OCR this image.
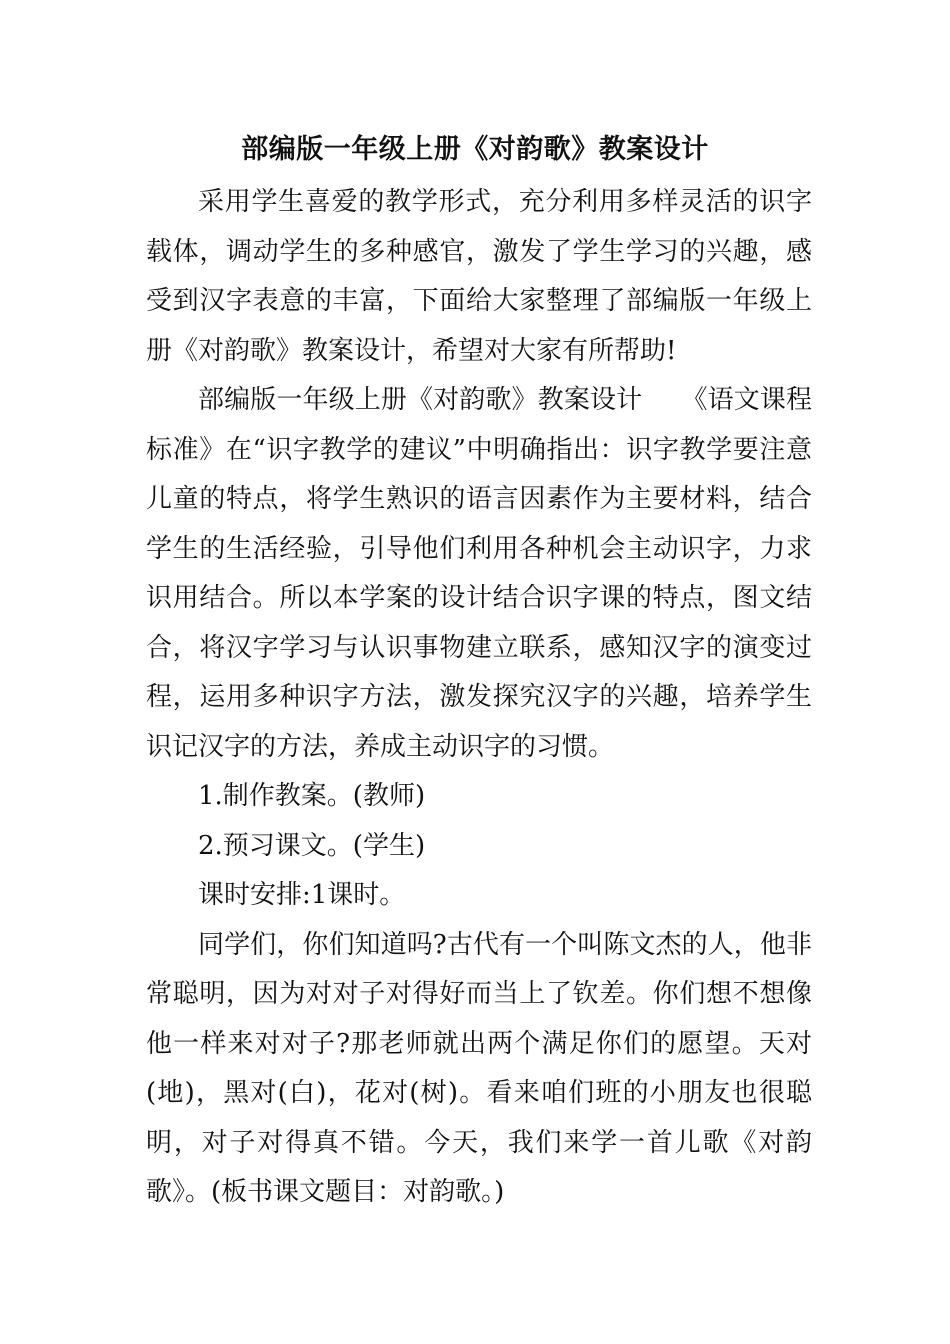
部编版一年级上册《对韵歌》教案设计

采用学生喜爱的教学形式，充分利用多样灵活的识字载体，调动学生的多种感官，激发了学生学习的兴趣，感受到汉字表意的丰富，下面给大家整理了部编版一年级上册《对韵歌》教案设计，希望对大家有所帮助!

部编版一年级上册《对韵歌》教案设计　　《语文课程标准》在“识字教学的建议”中明确指出：识字教学要注意儿童的特点，将学生熟识的语言因素作为主要材料，结合学生的生活经验，引导他们利用各种机会主动识字，力求识用结合。所以本学案的设计结合识字课的特点，图文结合，将汉字学习与认识事物建立联系，感知汉字的演变过程，运用多种识字方法，激发探究汉字的兴趣，培养学生识记汉字的方法，养成主动识字的习惯。

1.制作教案。(教师)

2.预习课文。(学生)

课时安排:1课时。

同学们，你们知道吗?古代有一个叫陈文杰的人，他非常聪明，因为对对子对得好而当上了钦差。你们想不想像他一样来对对子?那老师就出两个满足你们的愿望。天对(地)，黑对(白)，花对(树)。看来咱们班的小朋友也很聪明，对子对得真不错。今天，我们来学一首儿歌《对韵歌》。(板书课文题目：对韵歌。)
